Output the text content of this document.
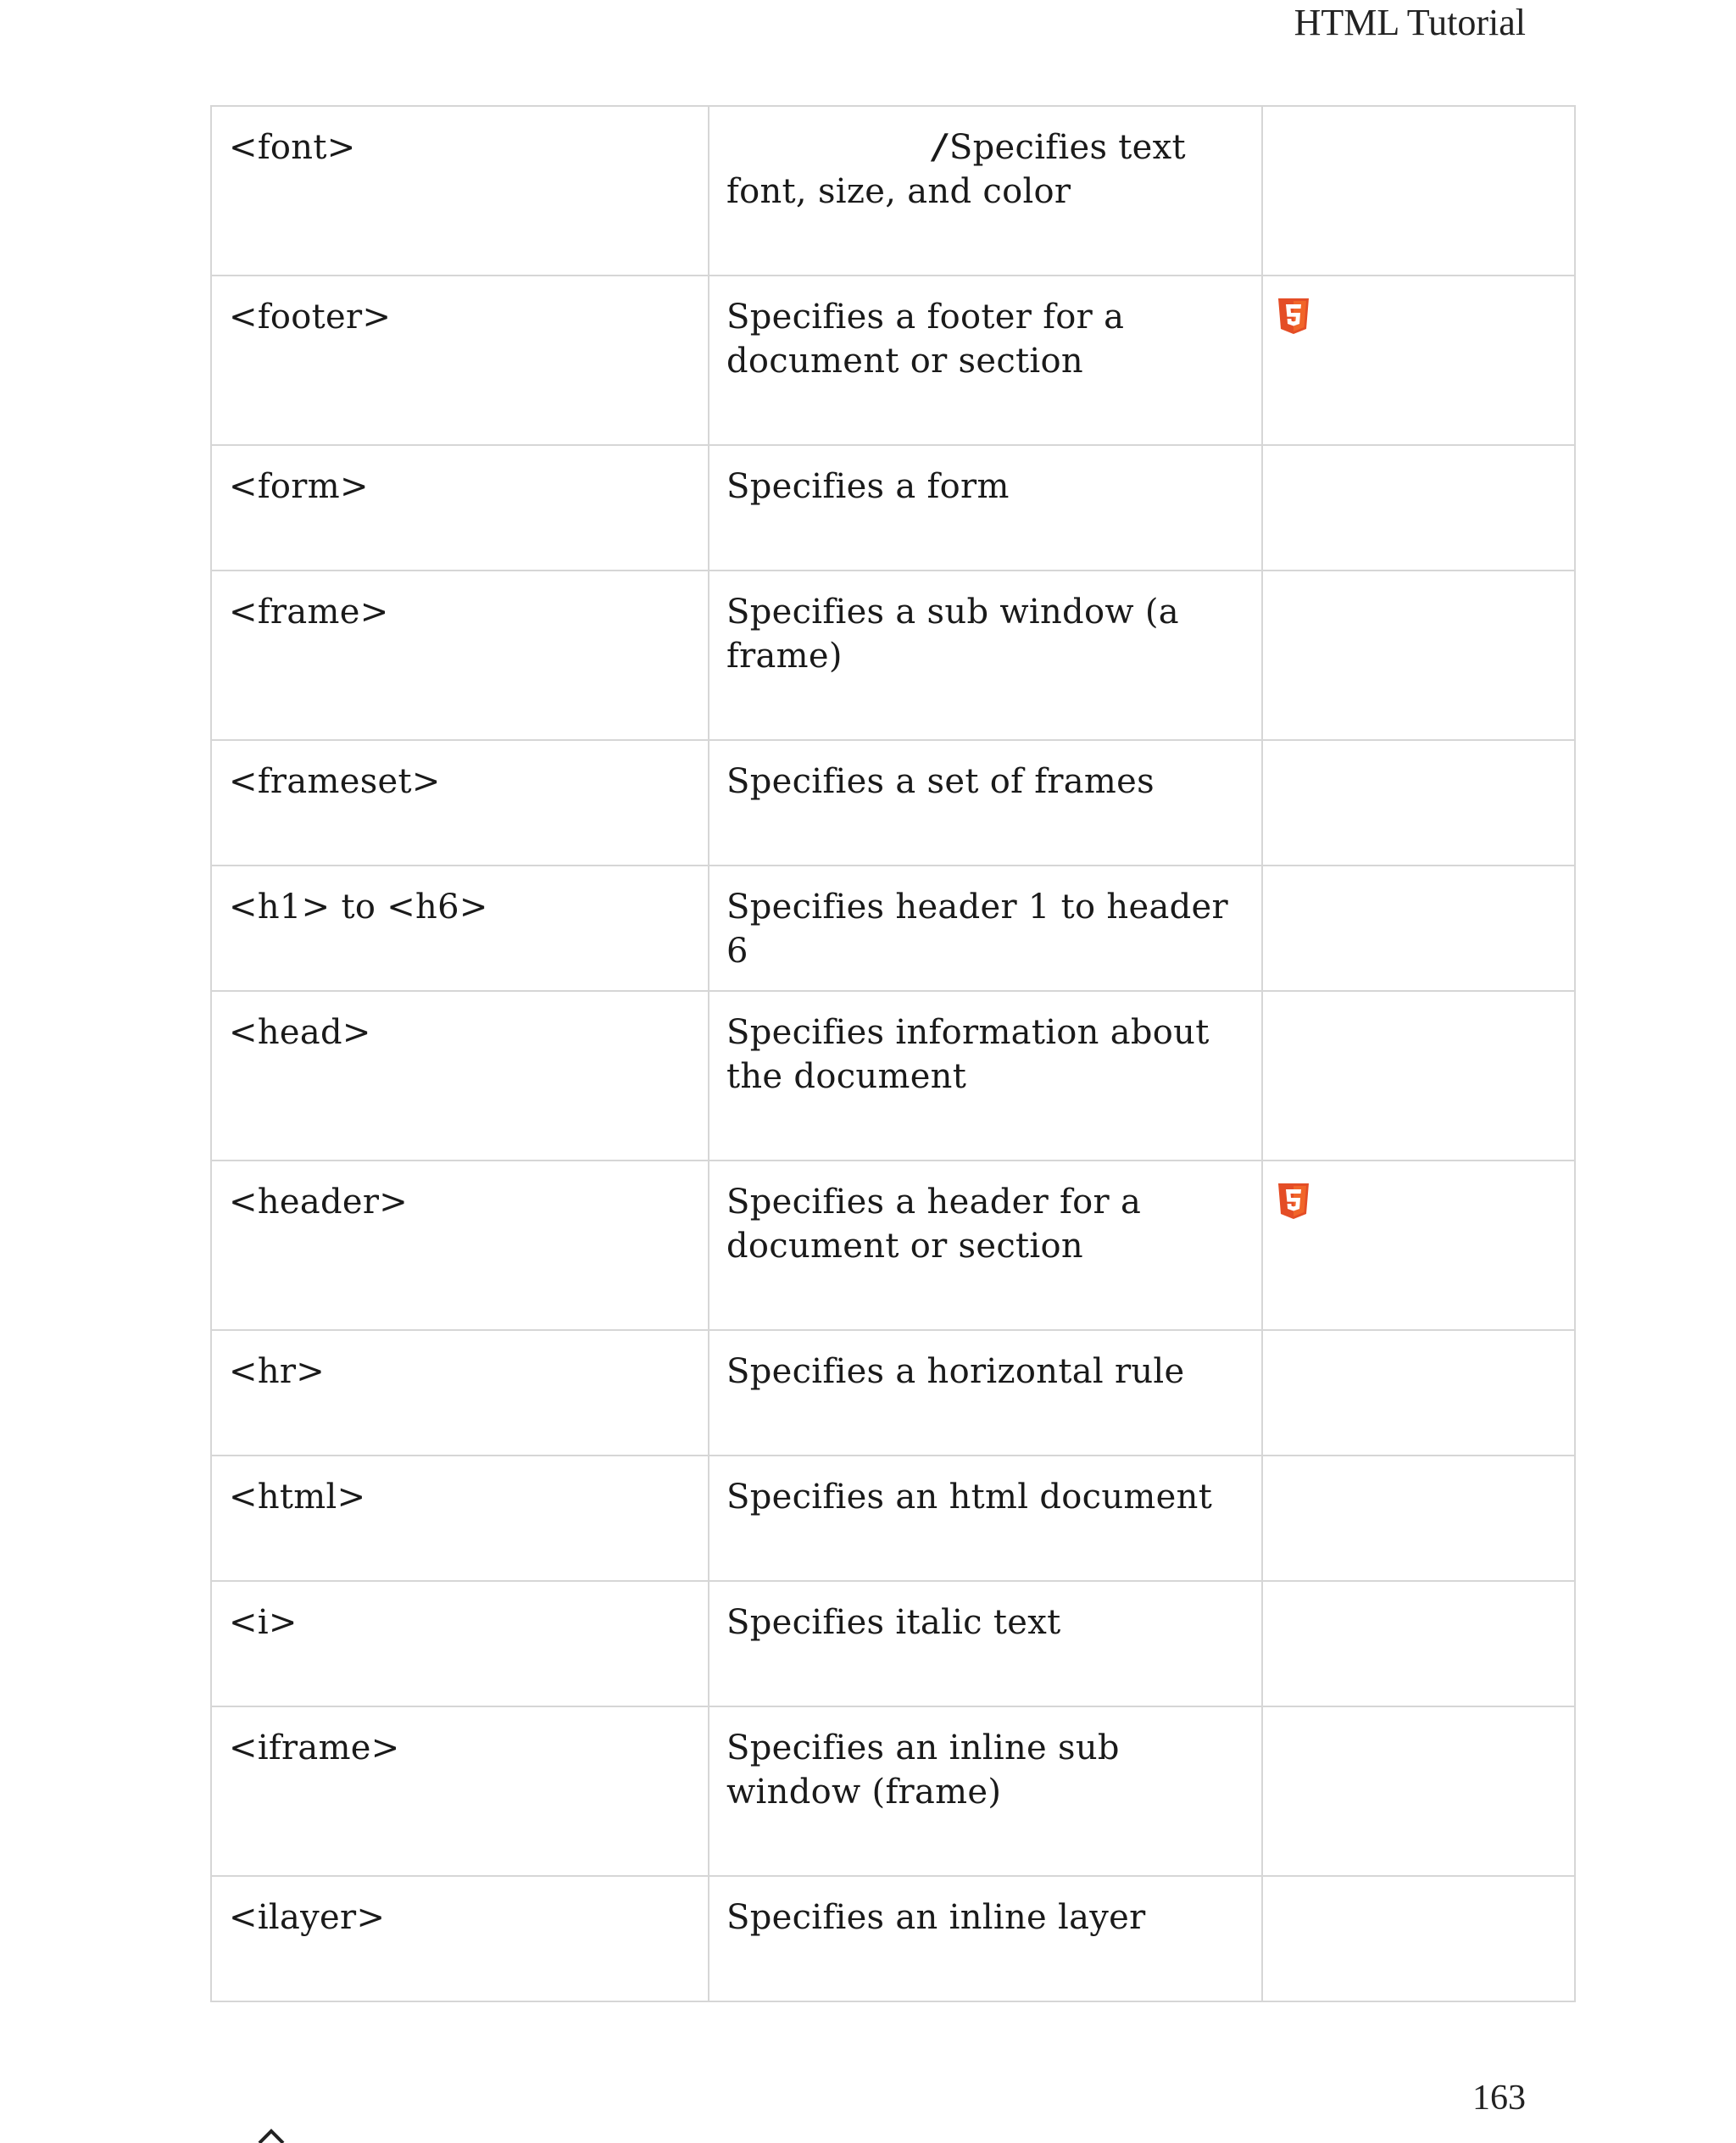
HTML Tutorial
<font>	/ Specifies text font, size, and color	
<footer>	Specifies a footer for a document or section	
<form>	Specifies a form	
<frame>	Specifies a sub window (a frame)	
<frameset>	Specifies a set of frames	
<h1> to <h6>	Specifies header 1 to header 6	
<head>	Specifies information about the document	
<header>	Specifies a header for a document or section	
<hr>	Specifies a horizontal rule	
<html>	Specifies an html document	
<i>	Specifies italic text	
<iframe>	Specifies an inline sub window (frame)	
<ilayer>	Specifies an inline layer	
163
